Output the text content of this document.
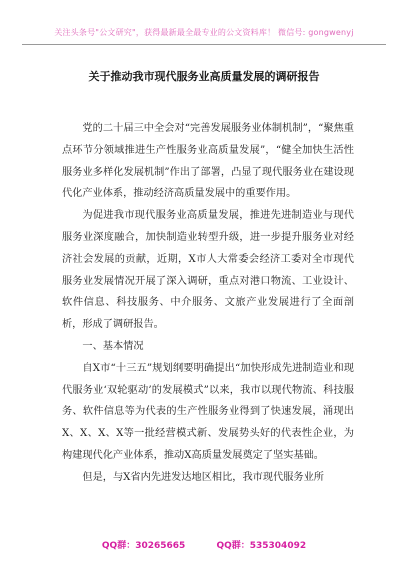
关注头条号"公文研究"，获得最新最全最专业的公文资料库！ 微信号: gongwenyj
关于推动我市现代服务业高质量发展的调研报告

党的二十届三中全会对“完善发展服务业体制机制”，“聚焦重点环节分领域推进生产性服务业高质量发展”，“健全加快生活性服务业多样化发展机制”作出了部署，凸显了现代服务业在建设现代化产业体系，推动经济高质量发展中的重要作用。

为促进我市现代服务业高质量发展，推进先进制造业与现代服务业深度融合，加快制造业转型升级，进一步提升服务业对经济社会发展的贡献，近期，X市人大常委会经济工委对全市现代服务业发展情况开展了深入调研，重点对港口物流、工业设计、软件信息、科技服务、中介服务、文旅产业发展进行了全面剖析，形成了调研报告。

一、基本情况

自X市“十三五”规划纲要明确提出“加快形成先进制造业和现代服务业‘双轮驱动’的发展模式”以来，我市以现代物流、科技服务、软件信息等为代表的生产性服务业得到了快速发展，涌现出X、X、X、X等一批经营模式新、发展势头好的代表性企业，为构建现代化产业体系，推动X高质量发展奠定了坚实基础。

但是，与X省内先进发达地区相比，我市现代服务业所

QQ群：30265665	QQ群：535304092
